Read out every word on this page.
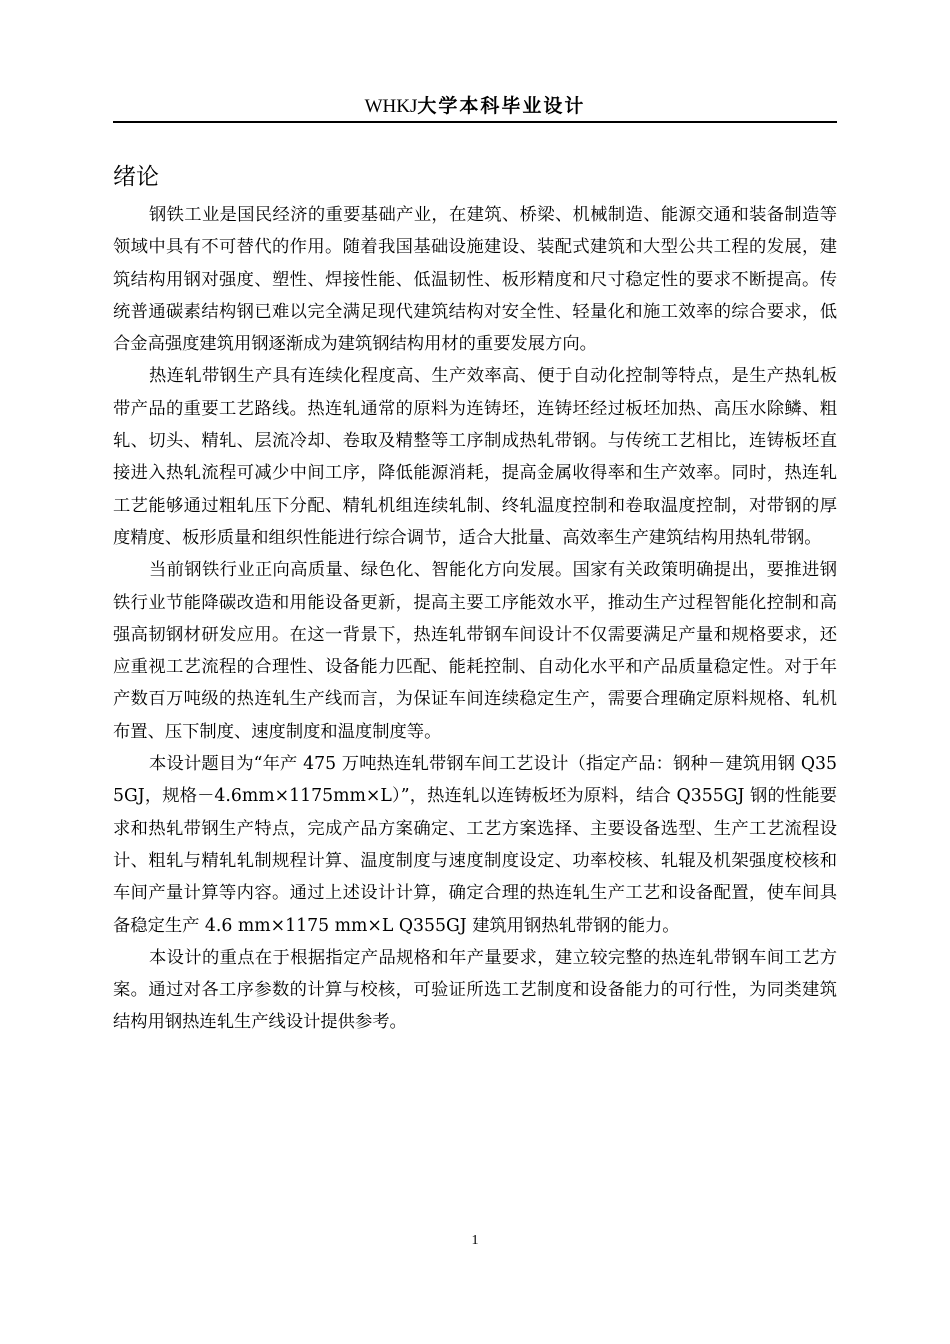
WHKJ大学本科毕业设计
绪论

钢铁工业是国民经济的重要基础产业，在建筑、桥梁、机械制造、能源交通和装备制造等领域中具有不可替代的作用。随着我国基础设施建设、装配式建筑和大型公共工程的发展，建筑结构用钢对强度、塑性、焊接性能、低温韧性、板形精度和尺寸稳定性的要求不断提高。传统普通碳素结构钢已难以完全满足现代建筑结构对安全性、轻量化和施工效率的综合要求，低合金高强度建筑用钢逐渐成为建筑钢结构用材的重要发展方向。

热连轧带钢生产具有连续化程度高、生产效率高、便于自动化控制等特点，是生产热轧板带产品的重要工艺路线。热连轧通常的原料为连铸坯，连铸坯经过板坯加热、高压水除鳞、粗轧、切头、精轧、层流冷却、卷取及精整等工序制成热轧带钢。与传统工艺相比，连铸板坯直接进入热轧流程可减少中间工序，降低能源消耗，提高金属收得率和生产效率。同时，热连轧工艺能够通过粗轧压下分配、精轧机组连续轧制、终轧温度控制和卷取温度控制，对带钢的厚度精度、板形质量和组织性能进行综合调节，适合大批量、高效率生产建筑结构用热轧带钢。

当前钢铁行业正向高质量、绿色化、智能化方向发展。国家有关政策明确提出，要推进钢铁行业节能降碳改造和用能设备更新，提高主要工序能效水平，推动生产过程智能化控制和高强高韧钢材研发应用。在这一背景下，热连轧带钢车间设计不仅需要满足产量和规格要求，还应重视工艺流程的合理性、设备能力匹配、能耗控制、自动化水平和产品质量稳定性。对于年产数百万吨级的热连轧生产线而言，为保证车间连续稳定生产，需要合理确定原料规格、轧机布置、压下制度、速度制度和温度制度等。

本设计题目为“年产 475 万吨热连轧带钢车间工艺设计（指定产品：钢种－建筑用钢 Q355GJ，规格－4.6mm×1175mm×L）”，热连轧以连铸板坯为原料，结合 Q355GJ 钢的性能要求和热轧带钢生产特点，完成产品方案确定、工艺方案选择、主要设备选型、生产工艺流程设计、粗轧与精轧轧制规程计算、温度制度与速度制度设定、功率校核、轧辊及机架强度校核和车间产量计算等内容。通过上述设计计算，确定合理的热连轧生产工艺和设备配置，使车间具备稳定生产 4.6 mm×1175 mm×L Q355GJ 建筑用钢热轧带钢的能力。

本设计的重点在于根据指定产品规格和年产量要求，建立较完整的热连轧带钢车间工艺方案。通过对各工序参数的计算与校核，可验证所选工艺制度和设备能力的可行性，为同类建筑结构用钢热连轧生产线设计提供参考。

1
